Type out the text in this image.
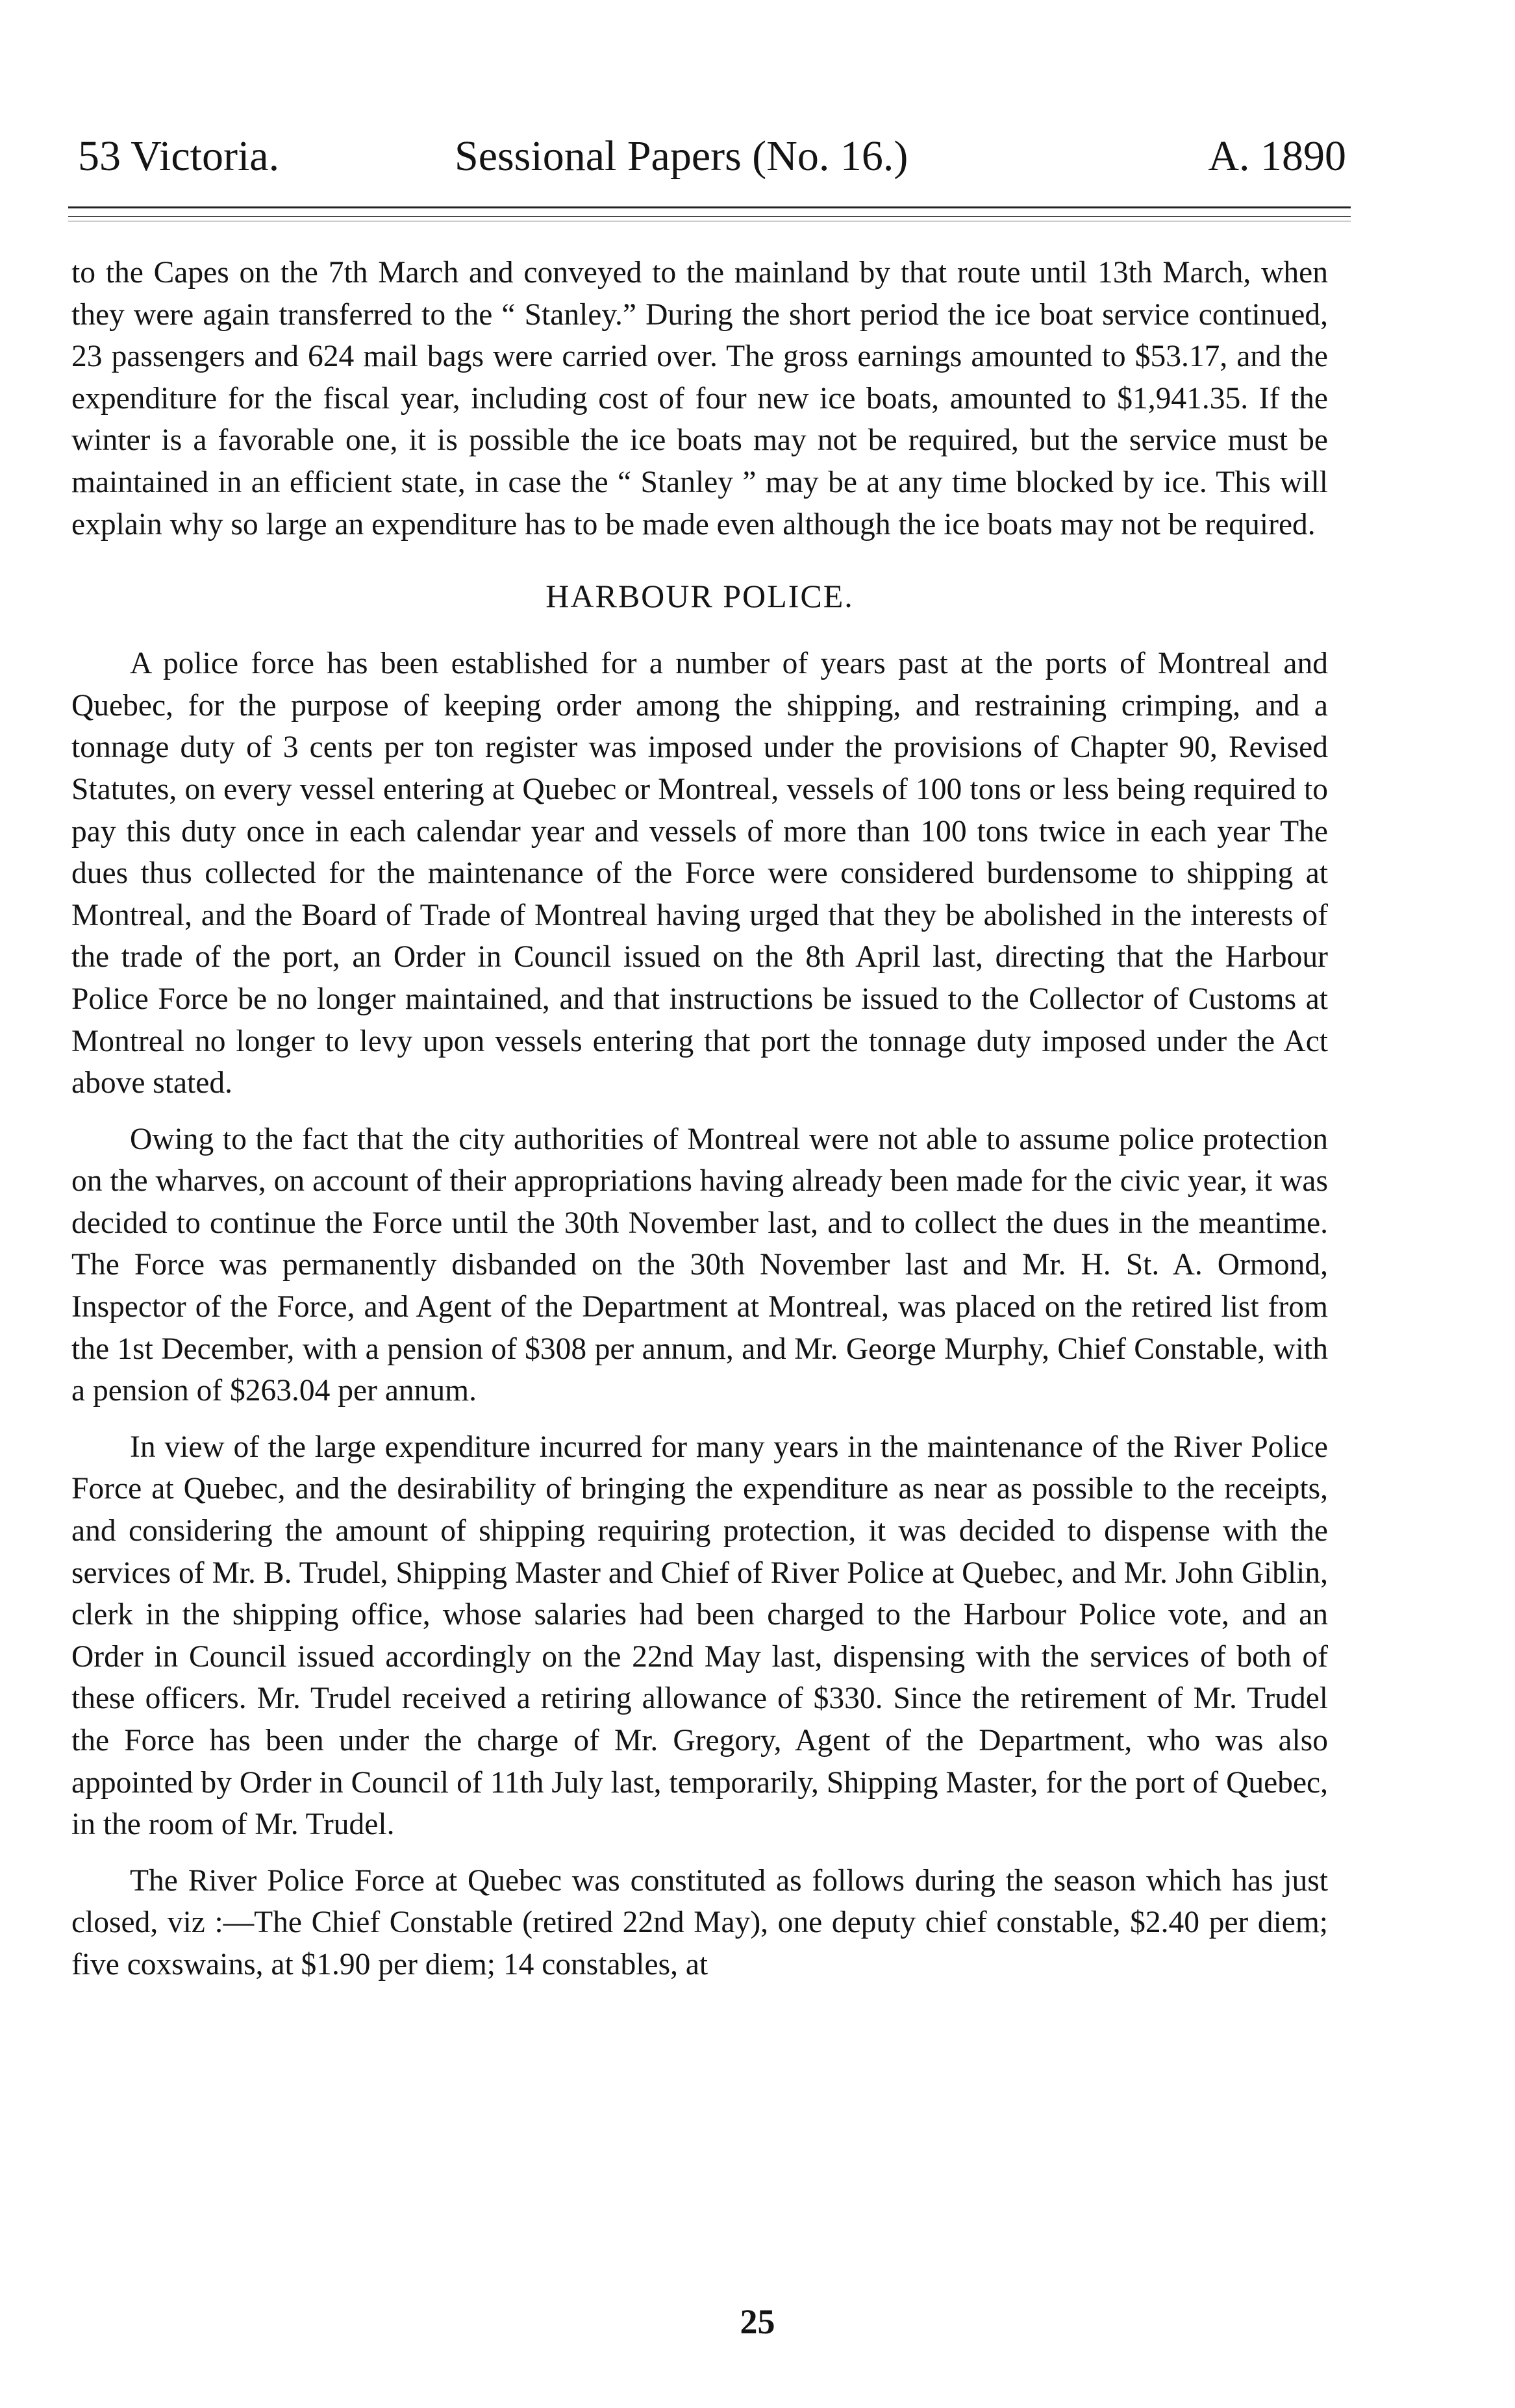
53 Victoria.	Sessional Papers (No. 16.)	A. 1890

to the Capes on the 7th March and conveyed to the mainland by that route until 13th March, when they were again transferred to the “ Stanley.” During the short period the ice boat service continued, 23 passengers and 624 mail bags were carried over. The gross earnings amounted to $53.17, and the expenditure for the fiscal year, including cost of four new ice boats, amounted to $1,941.35. If the winter is a favorable one, it is possible the ice boats may not be required, but the service must be maintained in an efficient state, in case the “ Stanley ” may be at any time blocked by ice. This will explain why so large an expenditure has to be made even although the ice boats may not be required.

HARBOUR POLICE.

A police force has been established for a number of years past at the ports of Montreal and Quebec, for the purpose of keeping order among the shipping, and restraining crimping, and a tonnage duty of 3 cents per ton register was imposed under the provisions of Chapter 90, Revised Statutes, on every vessel entering at Quebec or Montreal, vessels of 100 tons or less being required to pay this duty once in each calendar year and vessels of more than 100 tons twice in each year The dues thus collected for the maintenance of the Force were considered burdensome to shipping at Montreal, and the Board of Trade of Montreal having urged that they be abolished in the interests of the trade of the port, an Order in Council issued on the 8th April last, directing that the Harbour Police Force be no longer maintained, and that instructions be issued to the Collector of Customs at Montreal no longer to levy upon vessels entering that port the tonnage duty imposed under the Act above stated.

Owing to the fact that the city authorities of Montreal were not able to assume police protection on the wharves, on account of their appropriations having already been made for the civic year, it was decided to continue the Force until the 30th November last, and to collect the dues in the meantime. The Force was permanently disbanded on the 30th November last and Mr. H. St. A. Ormond, Inspector of the Force, and Agent of the Department at Montreal, was placed on the retired list from the 1st December, with a pension of $308 per annum, and Mr. George Murphy, Chief Constable, with a pension of $263.04 per annum.

In view of the large expenditure incurred for many years in the maintenance of the River Police Force at Quebec, and the desirability of bringing the expenditure as near as possible to the receipts, and considering the amount of shipping requiring protection, it was decided to dispense with the services of Mr. B. Trudel, Shipping Master and Chief of River Police at Quebec, and Mr. John Giblin, clerk in the shipping office, whose salaries had been charged to the Harbour Police vote, and an Order in Council issued accordingly on the 22nd May last, dispensing with the services of both of these officers. Mr. Trudel received a retiring allowance of $330. Since the retirement of Mr. Trudel the Force has been under the charge of Mr. Gregory, Agent of the Department, who was also appointed by Order in Council of 11th July last, temporarily, Shipping Master, for the port of Quebec, in the room of Mr. Trudel.

The River Police Force at Quebec was constituted as follows during the season which has just closed, viz :—The Chief Constable (retired 22nd May), one deputy chief constable, $2.40 per diem; five coxswains, at $1.90 per diem; 14 constables, at

25
